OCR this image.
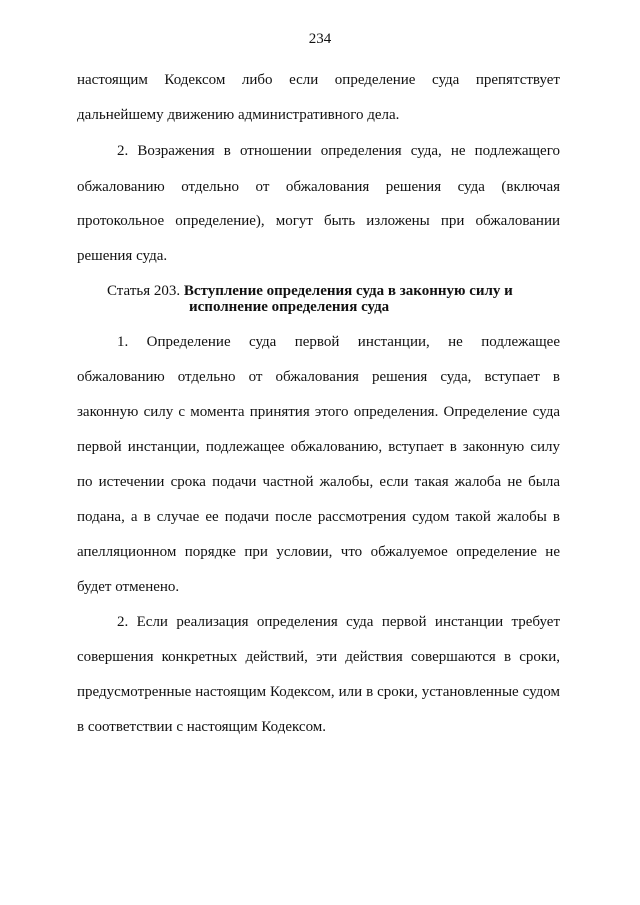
234
настоящим Кодексом либо если определение суда препятствует
дальнейшему движению административного дела.
2. Возражения в отношении определения суда, не подлежащего
обжалованию отдельно от обжалования решения суда (включая
протокольное определение), могут быть изложены при обжаловании
решения суда.
Статья 203. Вступление определения суда в законную силу и
исполнение определения суда
1. Определение суда первой инстанции, не подлежащее
обжалованию отдельно от обжалования решения суда, вступает в
законную силу с момента принятия этого определения. Определение суда
первой инстанции, подлежащее обжалованию, вступает в законную силу
по истечении срока подачи частной жалобы, если такая жалоба не была
подана, а в случае ее подачи после рассмотрения судом такой жалобы в
апелляционном порядке при условии, что обжалуемое определение не
будет отменено.
2. Если реализация определения суда первой инстанции требует
совершения конкретных действий, эти действия совершаются в сроки,
предусмотренные настоящим Кодексом, или в сроки, установленные судом
в соответствии с настоящим Кодексом.
